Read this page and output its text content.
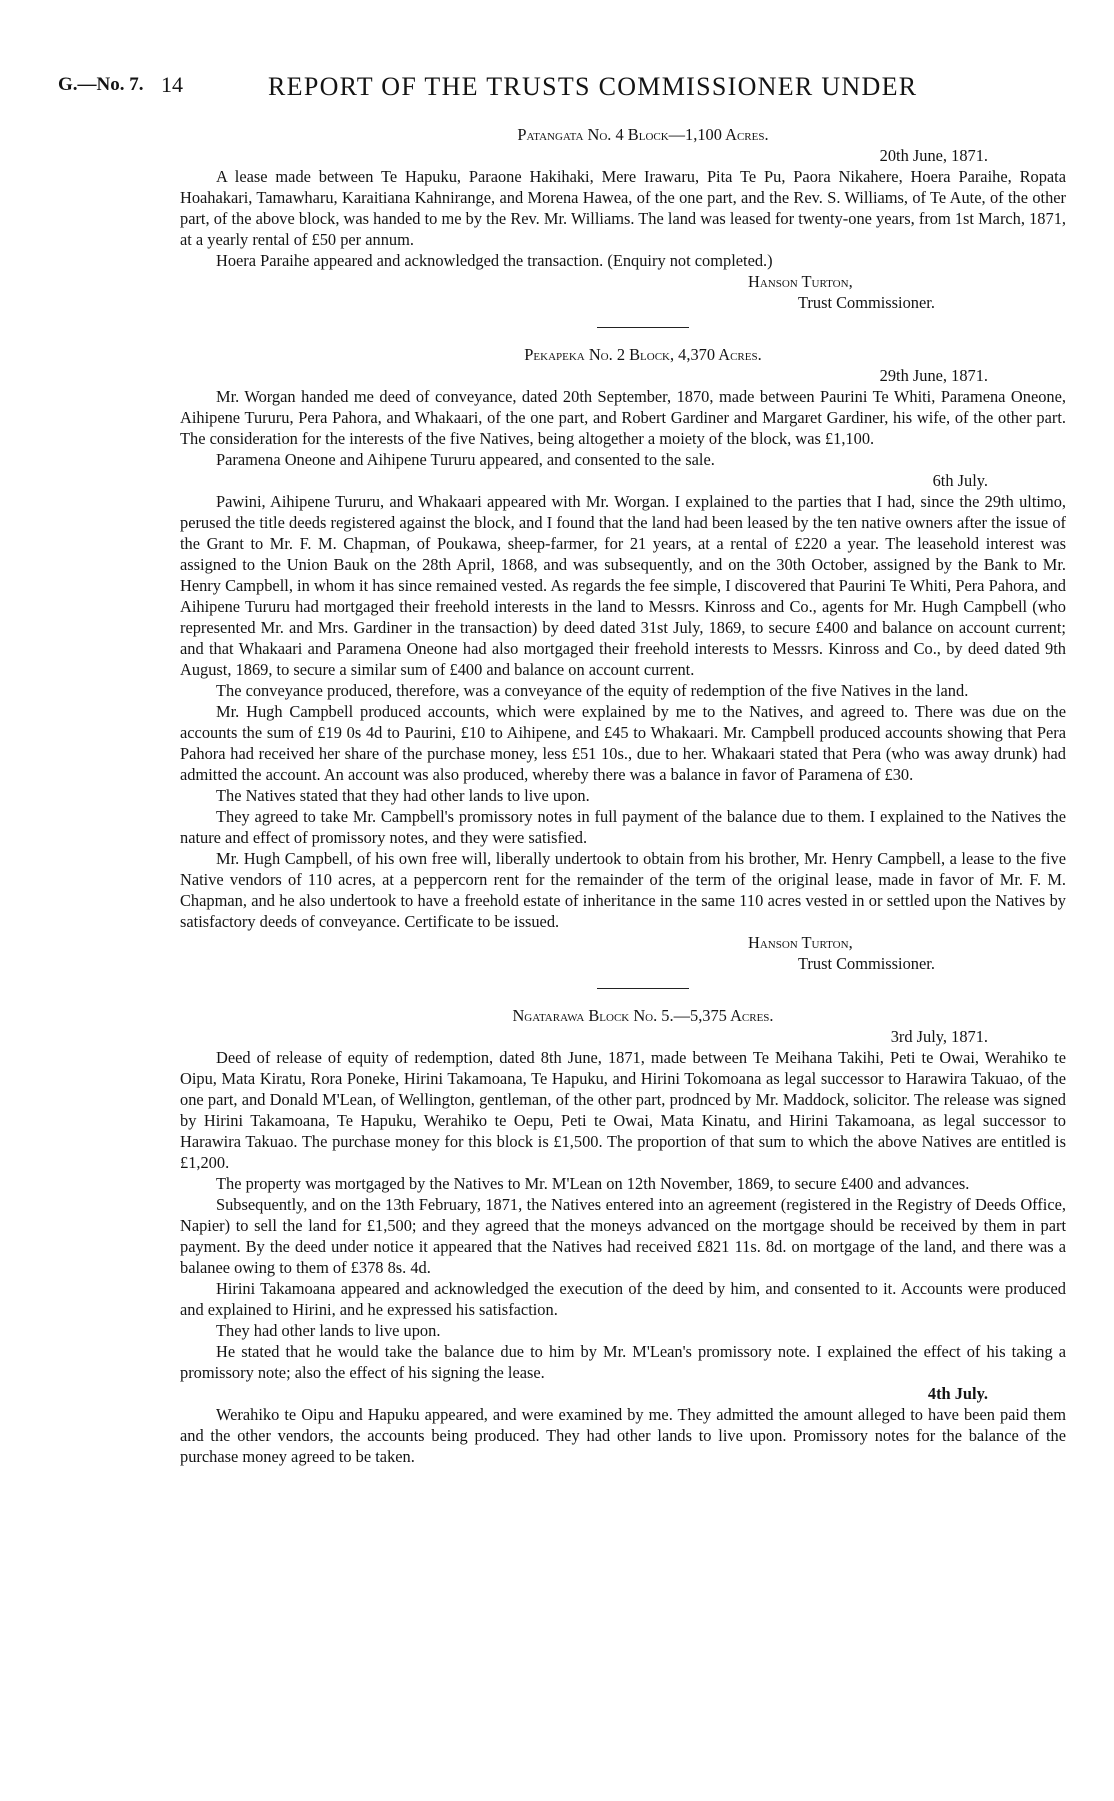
G.—No. 7. 14	REPORT OF THE TRUSTS COMMISSIONER UNDER
Patangata No. 4 Block—1,100 Acres.
20th June, 1871.

A lease made between Te Hapuku, Paraone Hakihaki, Mere Irawaru, Pita Te Pu, Paora Nikahere, Hoera Paraihe, Ropata Hoahakari, Tamawharu, Karaitiana Kahnirange, and Morena Hawea, of the one part, and the Rev. S. Williams, of Te Aute, of the other part, of the above block, was handed to me by the Rev. Mr. Williams. The land was leased for twenty-one years, from 1st March, 1871, at a yearly rental of £50 per annum.

Hoera Paraihe appeared and acknowledged the transaction. (Enquiry not completed.)

Hanson Turton,
Trust Commissioner.
Pekapeka No. 2 Block, 4,370 Acres.
29th June, 1871.

Mr. Worgan handed me deed of conveyance, dated 20th September, 1870, made between Paurini Te Whiti, Paramena Oneone, Aihipene Tururu, Pera Pahora, and Whakaari, of the one part, and Robert Gardiner and Margaret Gardiner, his wife, of the other part. The consideration for the interests of the five Natives, being altogether a moiety of the block, was £1,100.

Paramena Oneone and Aihipene Tururu appeared, and consented to the sale.

6th July.

Pawini, Aihipene Tururu, and Whakaari appeared with Mr. Worgan. I explained to the parties that I had, since the 29th ultimo, perused the title deeds registered against the block, and I found that the land had been leased by the ten native owners after the issue of the Grant to Mr. F. M. Chapman, of Poukawa, sheep-farmer, for 21 years, at a rental of £220 a year. The leasehold interest was assigned to the Union Bauk on the 28th April, 1868, and was subsequently, and on the 30th October, assigned by the Bank to Mr. Henry Campbell, in whom it has since remained vested. As regards the fee simple, I discovered that Paurini Te Whiti, Pera Pahora, and Aihipene Tururu had mortgaged their freehold interests in the land to Messrs. Kinross and Co., agents for Mr. Hugh Campbell (who represented Mr. and Mrs. Gardiner in the transaction) by deed dated 31st July, 1869, to secure £400 and balance on account current; and that Whakaari and Paramena Oneone had also mortgaged their freehold interests to Messrs. Kinross and Co., by deed dated 9th August, 1869, to secure a similar sum of £400 and balance on account current.

The conveyance produced, therefore, was a conveyance of the equity of redemption of the five Natives in the land.

Mr. Hugh Campbell produced accounts, which were explained by me to the Natives, and agreed to. There was due on the accounts the sum of £19 0s 4d to Paurini, £10 to Aihipene, and £45 to Whakaari. Mr. Campbell produced accounts showing that Pera Pahora had received her share of the purchase money, less £51 10s., due to her. Whakaari stated that Pera (who was away drunk) had admitted the account. An account was also produced, whereby there was a balance in favor of Paramena of £30.

The Natives stated that they had other lands to live upon.

They agreed to take Mr. Campbell's promissory notes in full payment of the balance due to them. I explained to the Natives the nature and effect of promissory notes, and they were satisfied.

Mr. Hugh Campbell, of his own free will, liberally undertook to obtain from his brother, Mr. Henry Campbell, a lease to the five Native vendors of 110 acres, at a peppercorn rent for the remainder of the term of the original lease, made in favor of Mr. F. M. Chapman, and he also undertook to have a freehold estate of inheritance in the same 110 acres vested in or settled upon the Natives by satisfactory deeds of conveyance. Certificate to be issued.

Hanson Turton,
Trust Commissioner.
Ngatarawa Block No. 5.—5,375 Acres.
3rd July, 1871.

Deed of release of equity of redemption, dated 8th June, 1871, made between Te Meihana Takihi, Peti te Owai, Werahiko te Oipu, Mata Kiratu, Rora Poneke, Hirini Takamoana, Te Hapuku, and Hirini Tokomoana as legal successor to Harawira Takuao, of the one part, and Donald M'Lean, of Wellington, gentleman, of the other part, prodnced by Mr. Maddock, solicitor. The release was signed by Hirini Takamoana, Te Hapuku, Werahiko te Oepu, Peti te Owai, Mata Kinatu, and Hirini Takamoana, as legal successor to Harawira Takuao. The purchase money for this block is £1,500. The proportion of that sum to which the above Natives are entitled is £1,200.

The property was mortgaged by the Natives to Mr. M'Lean on 12th November, 1869, to secure £400 and advances.

Subsequently, and on the 13th February, 1871, the Natives entered into an agreement (registered in the Registry of Deeds Office, Napier) to sell the land for £1,500; and they agreed that the moneys advanced on the mortgage should be received by them in part payment. By the deed under notice it appeared that the Natives had received £821 11s. 8d. on mortgage of the land, and there was a balanee owing to them of £378 8s. 4d.

Hirini Takamoana appeared and acknowledged the execution of the deed by him, and consented to it. Accounts were produced and explained to Hirini, and he expressed his satisfaction.

They had other lands to live upon.

He stated that he would take the balance due to him by Mr. M'Lean's promissory note. I explained the effect of his taking a promissory note; also the effect of his signing the lease.

4th July.

Werahiko te Oipu and Hapuku appeared, and were examined by me. They admitted the amount alleged to have been paid them and the other vendors, the accounts being produced. They had other lands to live upon. Promissory notes for the balance of the purchase money agreed to be taken.
